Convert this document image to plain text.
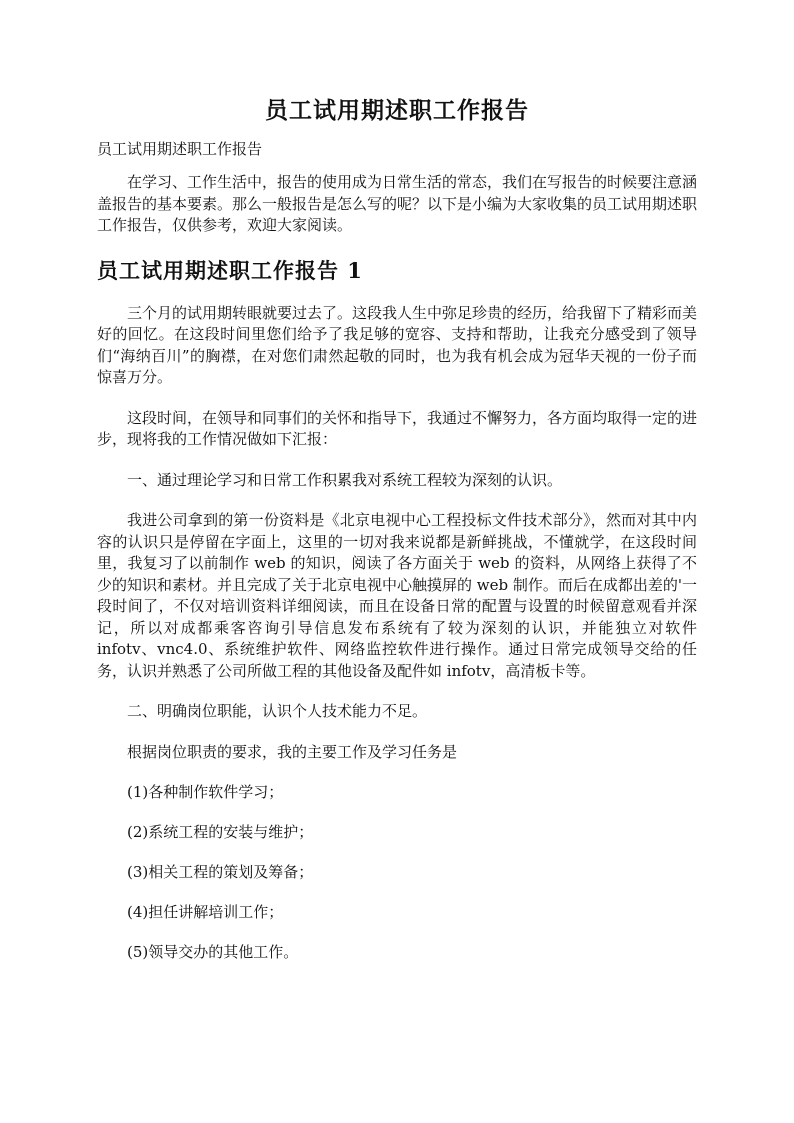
员工试用期述职工作报告

员工试用期述职工作报告

在学习、工作生活中，报告的使用成为日常生活的常态，我们在写报告的时候要注意涵盖报告的基本要素。那么一般报告是怎么写的呢？以下是小编为大家收集的员工试用期述职工作报告，仅供参考，欢迎大家阅读。

员工试用期述职工作报告 1

三个月的试用期转眼就要过去了。这段我人生中弥足珍贵的经历，给我留下了精彩而美好的回忆。在这段时间里您们给予了我足够的宽容、支持和帮助，让我充分感受到了领导们“海纳百川”的胸襟，在对您们肃然起敬的同时，也为我有机会成为冠华天视的一份子而惊喜万分。

这段时间，在领导和同事们的关怀和指导下，我通过不懈努力，各方面均取得一定的进步，现将我的工作情况做如下汇报：

一、通过理论学习和日常工作积累我对系统工程较为深刻的认识。

我进公司拿到的第一份资料是《北京电视中心工程投标文件技术部分》，然而对其中内容的认识只是停留在字面上，这里的一切对我来说都是新鲜挑战，不懂就学，在这段时间里，我复习了以前制作 web 的知识，阅读了各方面关于 web 的资料，从网络上获得了不少的知识和素材。并且完成了关于北京电视中心触摸屏的 web 制作。而后在成都出差的'一段时间了，不仅对培训资料详细阅读，而且在设备日常的配置与设置的时候留意观看并深记，所以对成都乘客咨询引导信息发布系统有了较为深刻的认识，并能独立对软件 infotv、vnc4.0、系统维护软件、网络监控软件进行操作。通过日常完成领导交给的任务，认识并熟悉了公司所做工程的其他设备及配件如 infotv，高清板卡等。

二、明确岗位职能，认识个人技术能力不足。

根据岗位职责的要求，我的主要工作及学习任务是

(1)各种制作软件学习；

(2)系统工程的安装与维护；

(3)相关工程的策划及筹备；

(4)担任讲解培训工作；

(5)领导交办的其他工作。
